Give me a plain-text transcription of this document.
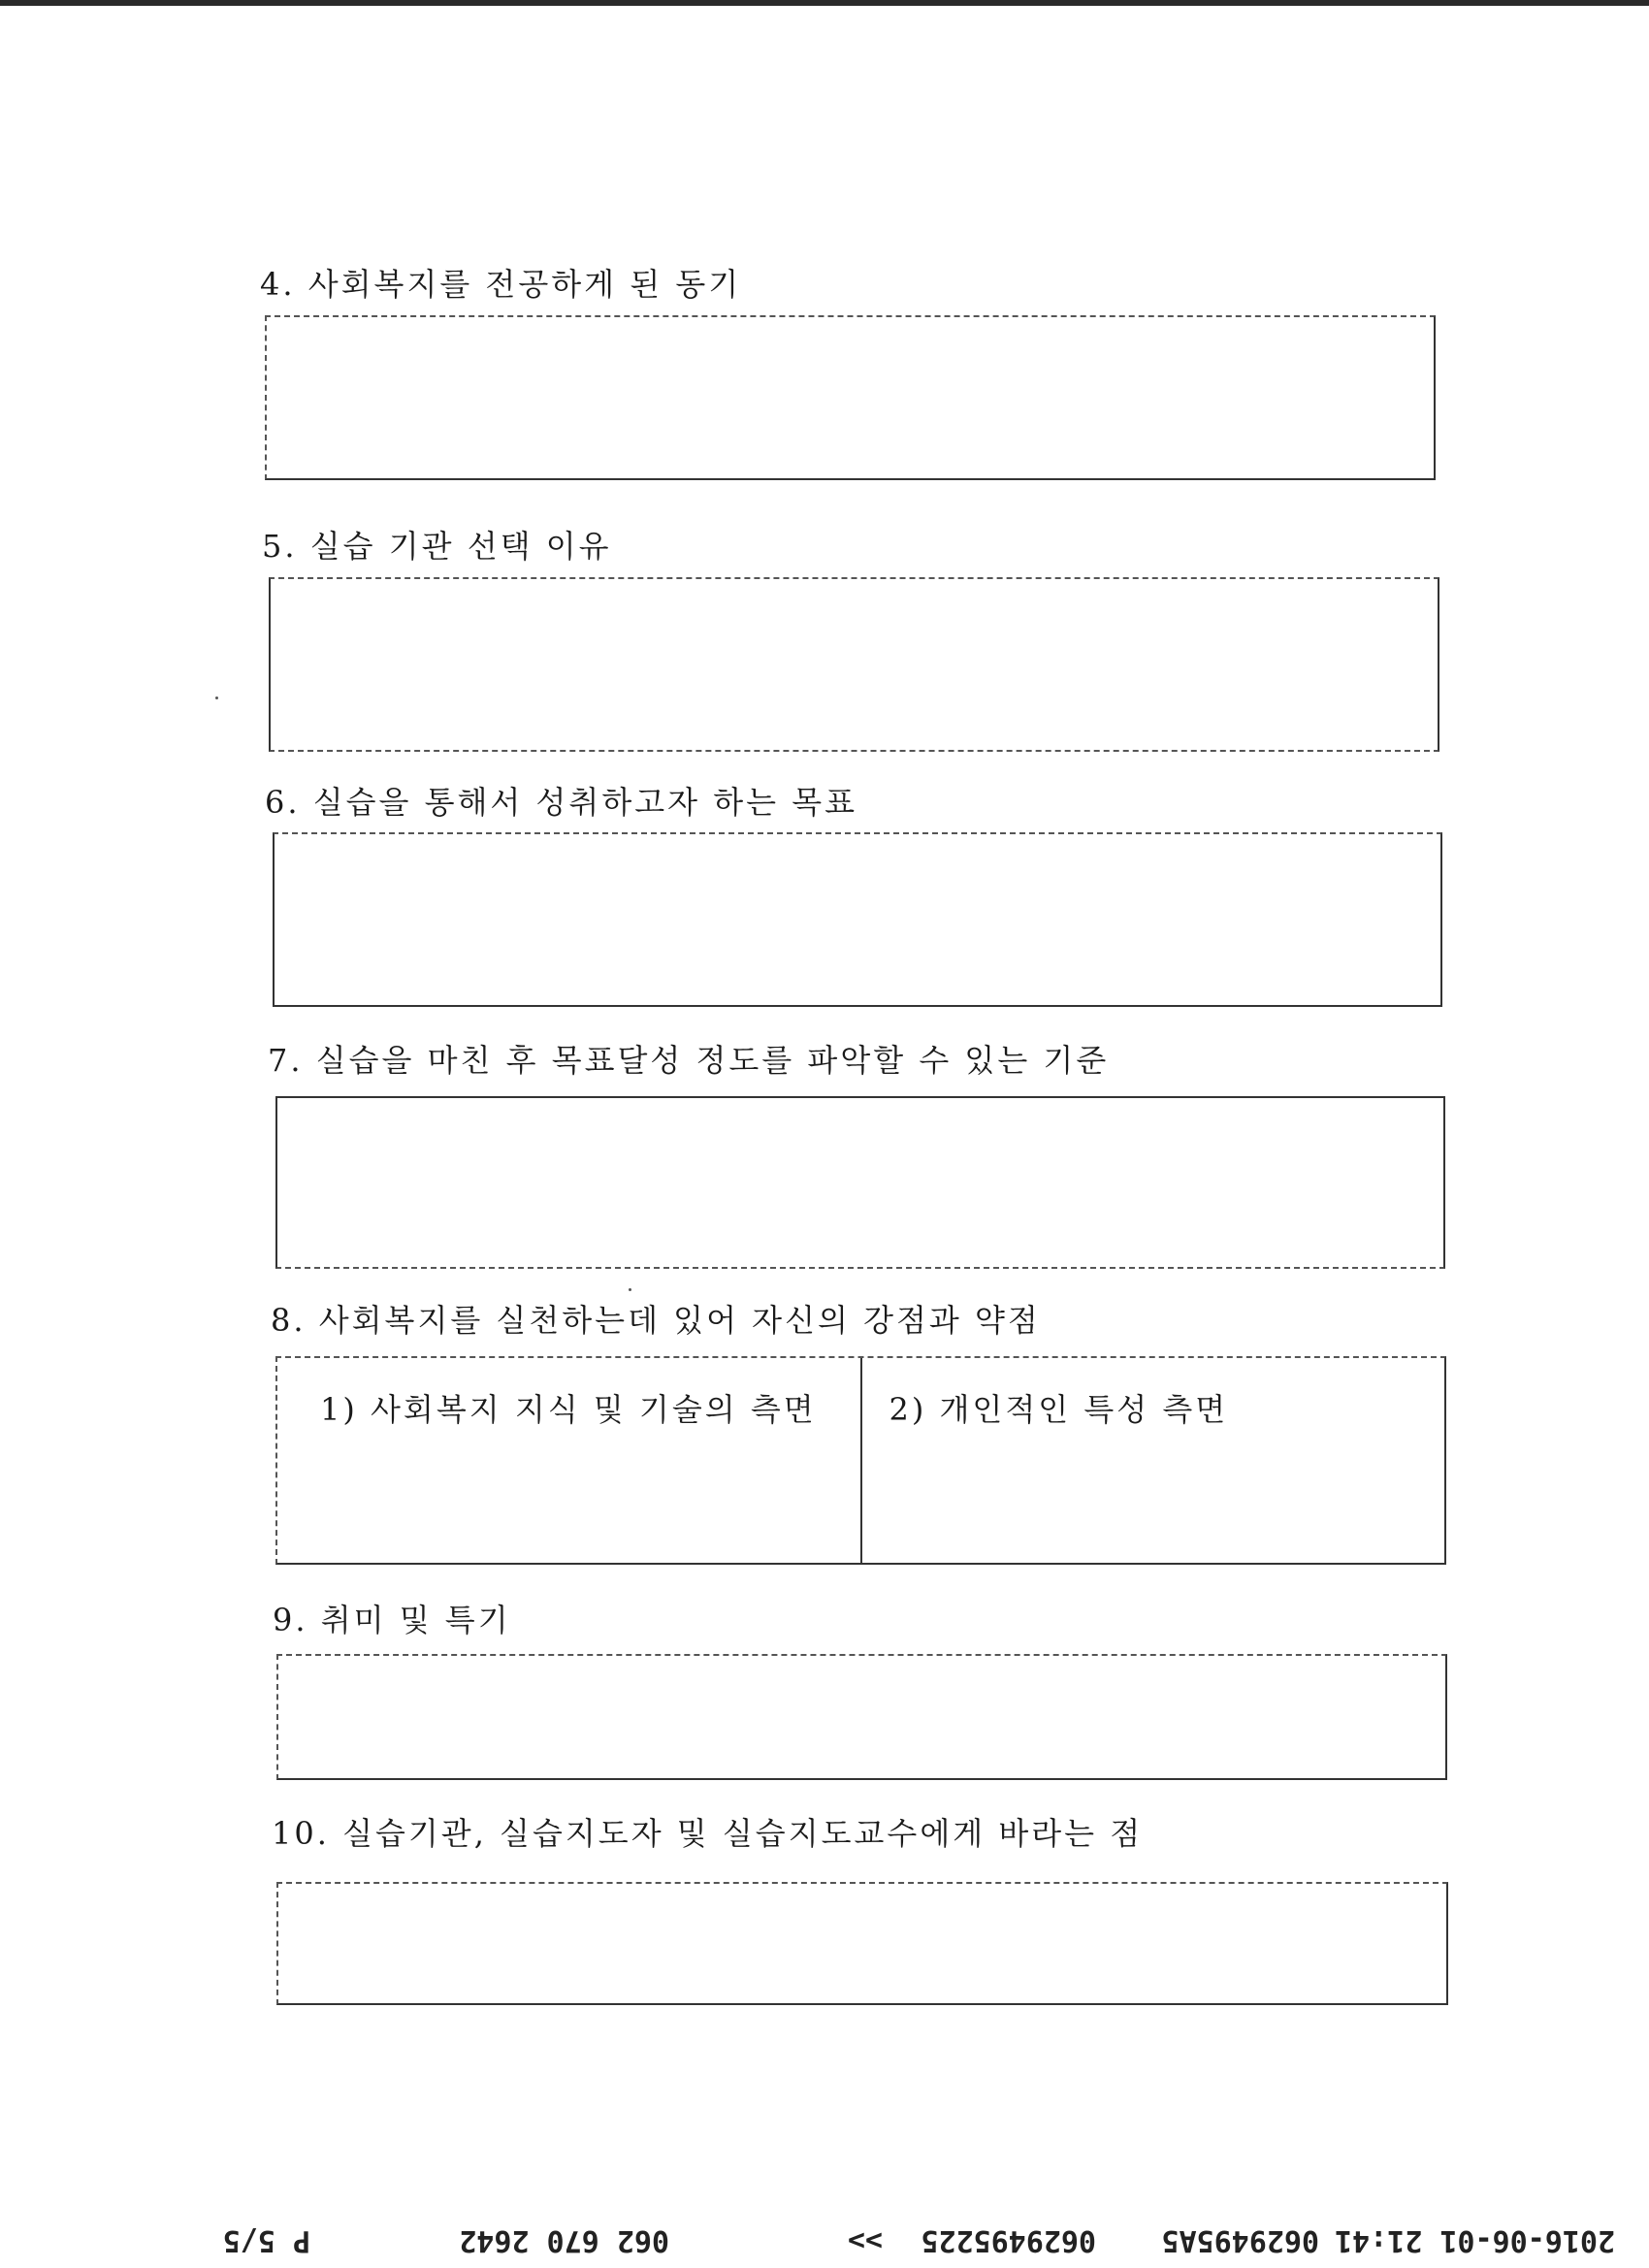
4. 사회복지를 전공하게 된 동기
5. 실습 기관 선택 이유
6. 실습을 통해서 성취하고자 하는 목표
7. 실습을 마친 후 목표달성 정도를 파악할 수 있는 기준
8. 사회복지를 실천하는데 있어 자신의 강점과 약점
1) 사회복지 지식 및 기술의 측면 2) 개인적인 특성 측면
9. 취미 및 특기
10. 실습기관, 실습지도자 및 실습지도교수에게 바라는 점
2016-06-01 21:41
0629495A5
0629495225
>>
062 670 2642
P 5/5
